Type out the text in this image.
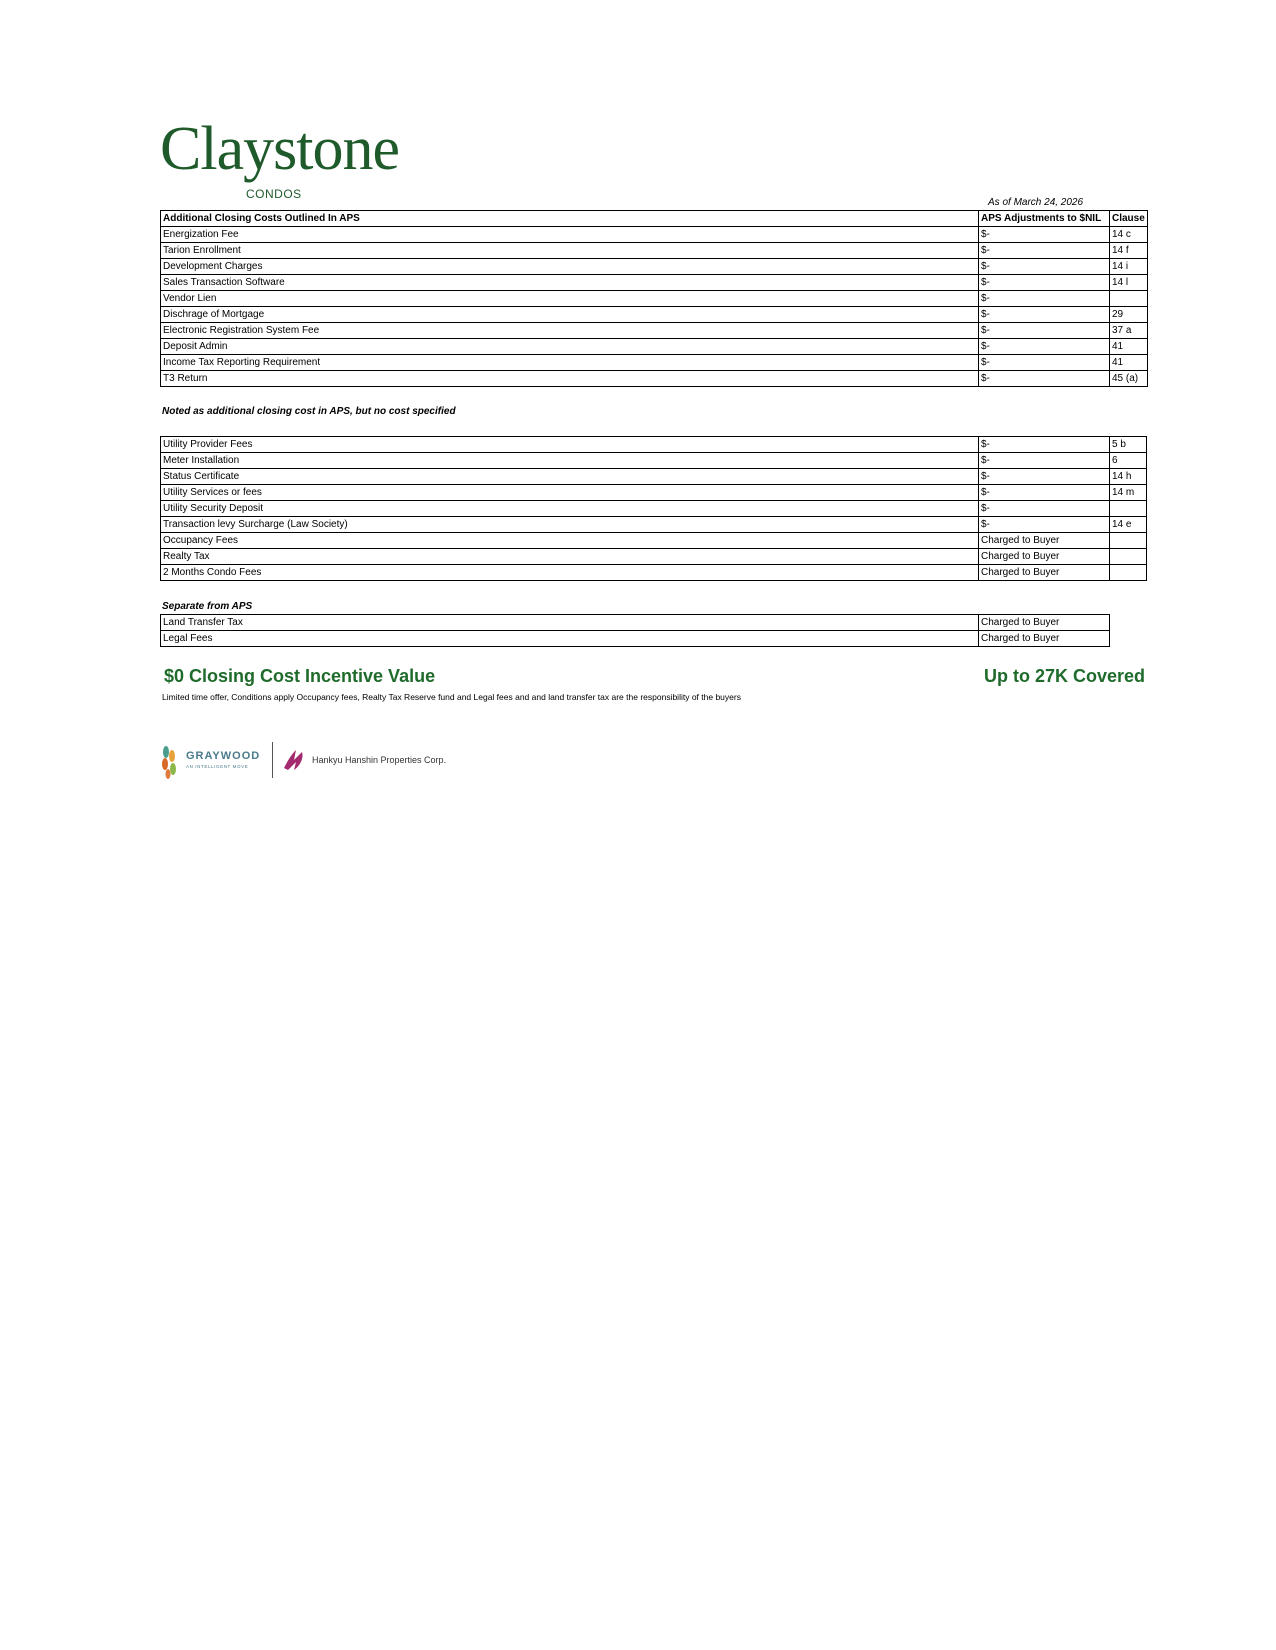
Claystone
CONDOS
As of March 24, 2026
Additional Closing Costs Outlined In APS	APS Adjustments to $NIL	Clause
Energization Fee	$-	14 c
Tarion Enrollment	$-	14 f
Development Charges	$-	14 i
Sales Transaction Software	$-	14 l
Vendor Lien	$-	
Dischrage of Mortgage	$-	29
Electronic Registration System Fee	$-	37 a
Deposit Admin	$-	41
Income Tax Reporting Requirement	$-	41
T3 Return	$-	45 (a)
Noted as additional closing cost in APS, but no cost specified
Utility Provider Fees	$-	5 b
Meter Installation	$-	6
Status Certificate	$-	14 h
Utility Services or fees	$-	14 m
Utility Security Deposit	$-	
Transaction levy Surcharge (Law Society)	$-	14 e
Occupancy Fees	Charged to Buyer	
Realty Tax	Charged to Buyer	
2 Months Condo Fees	Charged to Buyer	
Separate from APS
Land Transfer Tax	Charged to Buyer
Legal Fees	Charged to Buyer
$0 Closing Cost Incentive Value	Up to 27K Covered
Limited time offer, Conditions apply Occupancy fees, Realty Tax Reserve fund and Legal fees and and land transfer tax are the responsibility of the buyers
GRAYWOOD
AN INTELLIGENT MOVE
Hankyu Hanshin Properties Corp.
